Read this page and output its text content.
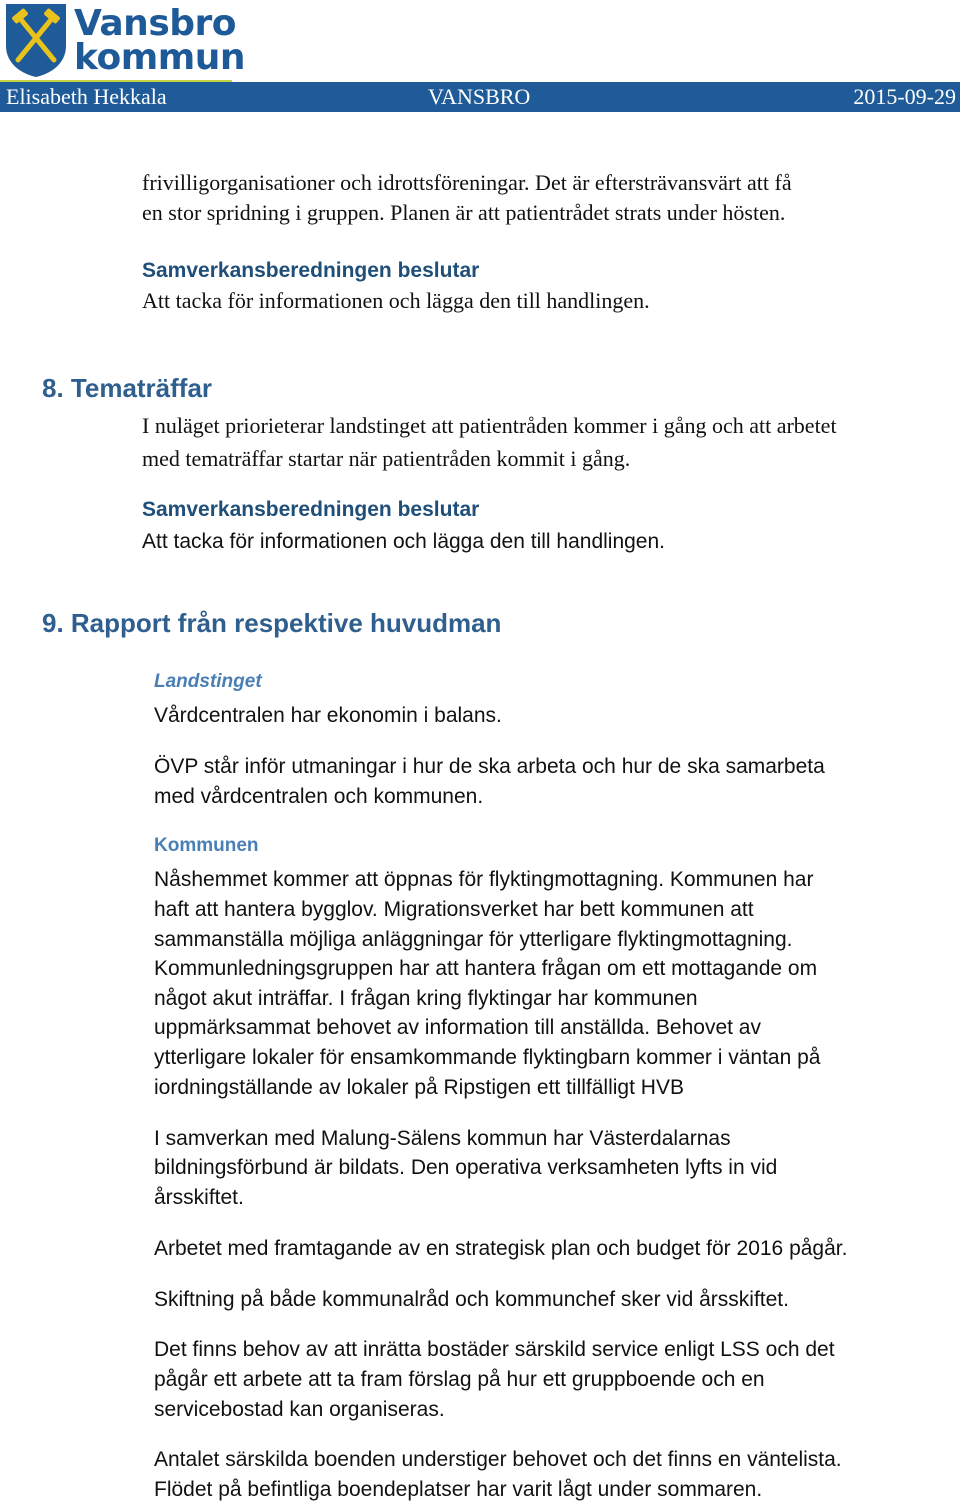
Vansbro
kommun
Elisabeth Hekkala	VANSBRO	2015-09-29
frivilligorganisationer och idrottsföreningar. Det är eftersträvansvärt att få
en stor spridning i gruppen. Planen är att patientrådet strats under hösten.
Samverkansberedningen beslutar
Att tacka för informationen och lägga den till handlingen.
8. Tematräffar
I nuläget priorieterar landstinget att patientråden kommer i gång och att arbetet
med tematräffar startar när patientråden kommit i gång.
Samverkansberedningen beslutar
Att tacka för informationen och lägga den till handlingen.
9. Rapport från respektive huvudman
Landstinget
Vårdcentralen har ekonomin i balans.
ÖVP står inför utmaningar i hur de ska arbeta och hur de ska samarbeta
med vårdcentralen och kommunen.
Kommunen
Nåshemmet kommer att öppnas för flyktingmottagning. Kommunen har
haft att hantera bygglov. Migrationsverket har bett kommunen att
sammanställa möjliga anläggningar för ytterligare flyktingmottagning.
Kommunledningsgruppen har att hantera frågan om ett mottagande om
något akut inträffar. I frågan kring flyktingar har kommunen
uppmärksammat behovet av information till anställda. Behovet av
ytterligare lokaler för ensamkommande flyktingbarn kommer i väntan på
iordningställande av lokaler på Ripstigen ett tillfälligt HVB
I samverkan med Malung-Sälens kommun har Västerdalarnas
bildningsförbund är bildats. Den operativa verksamheten lyfts in vid
årsskiftet.
Arbetet med framtagande av en strategisk plan och budget för 2016 pågår.
Skiftning på både kommunalråd och kommunchef sker vid årsskiftet.
Det finns behov av att inrätta bostäder särskild service enligt LSS och det
pågår ett arbete att ta fram förslag på hur ett gruppboende och en
servicebostad kan organiseras.
Antalet särskilda boenden understiger behovet och det finns en väntelista.
Flödet på befintliga boendeplatser har varit lågt under sommaren.
